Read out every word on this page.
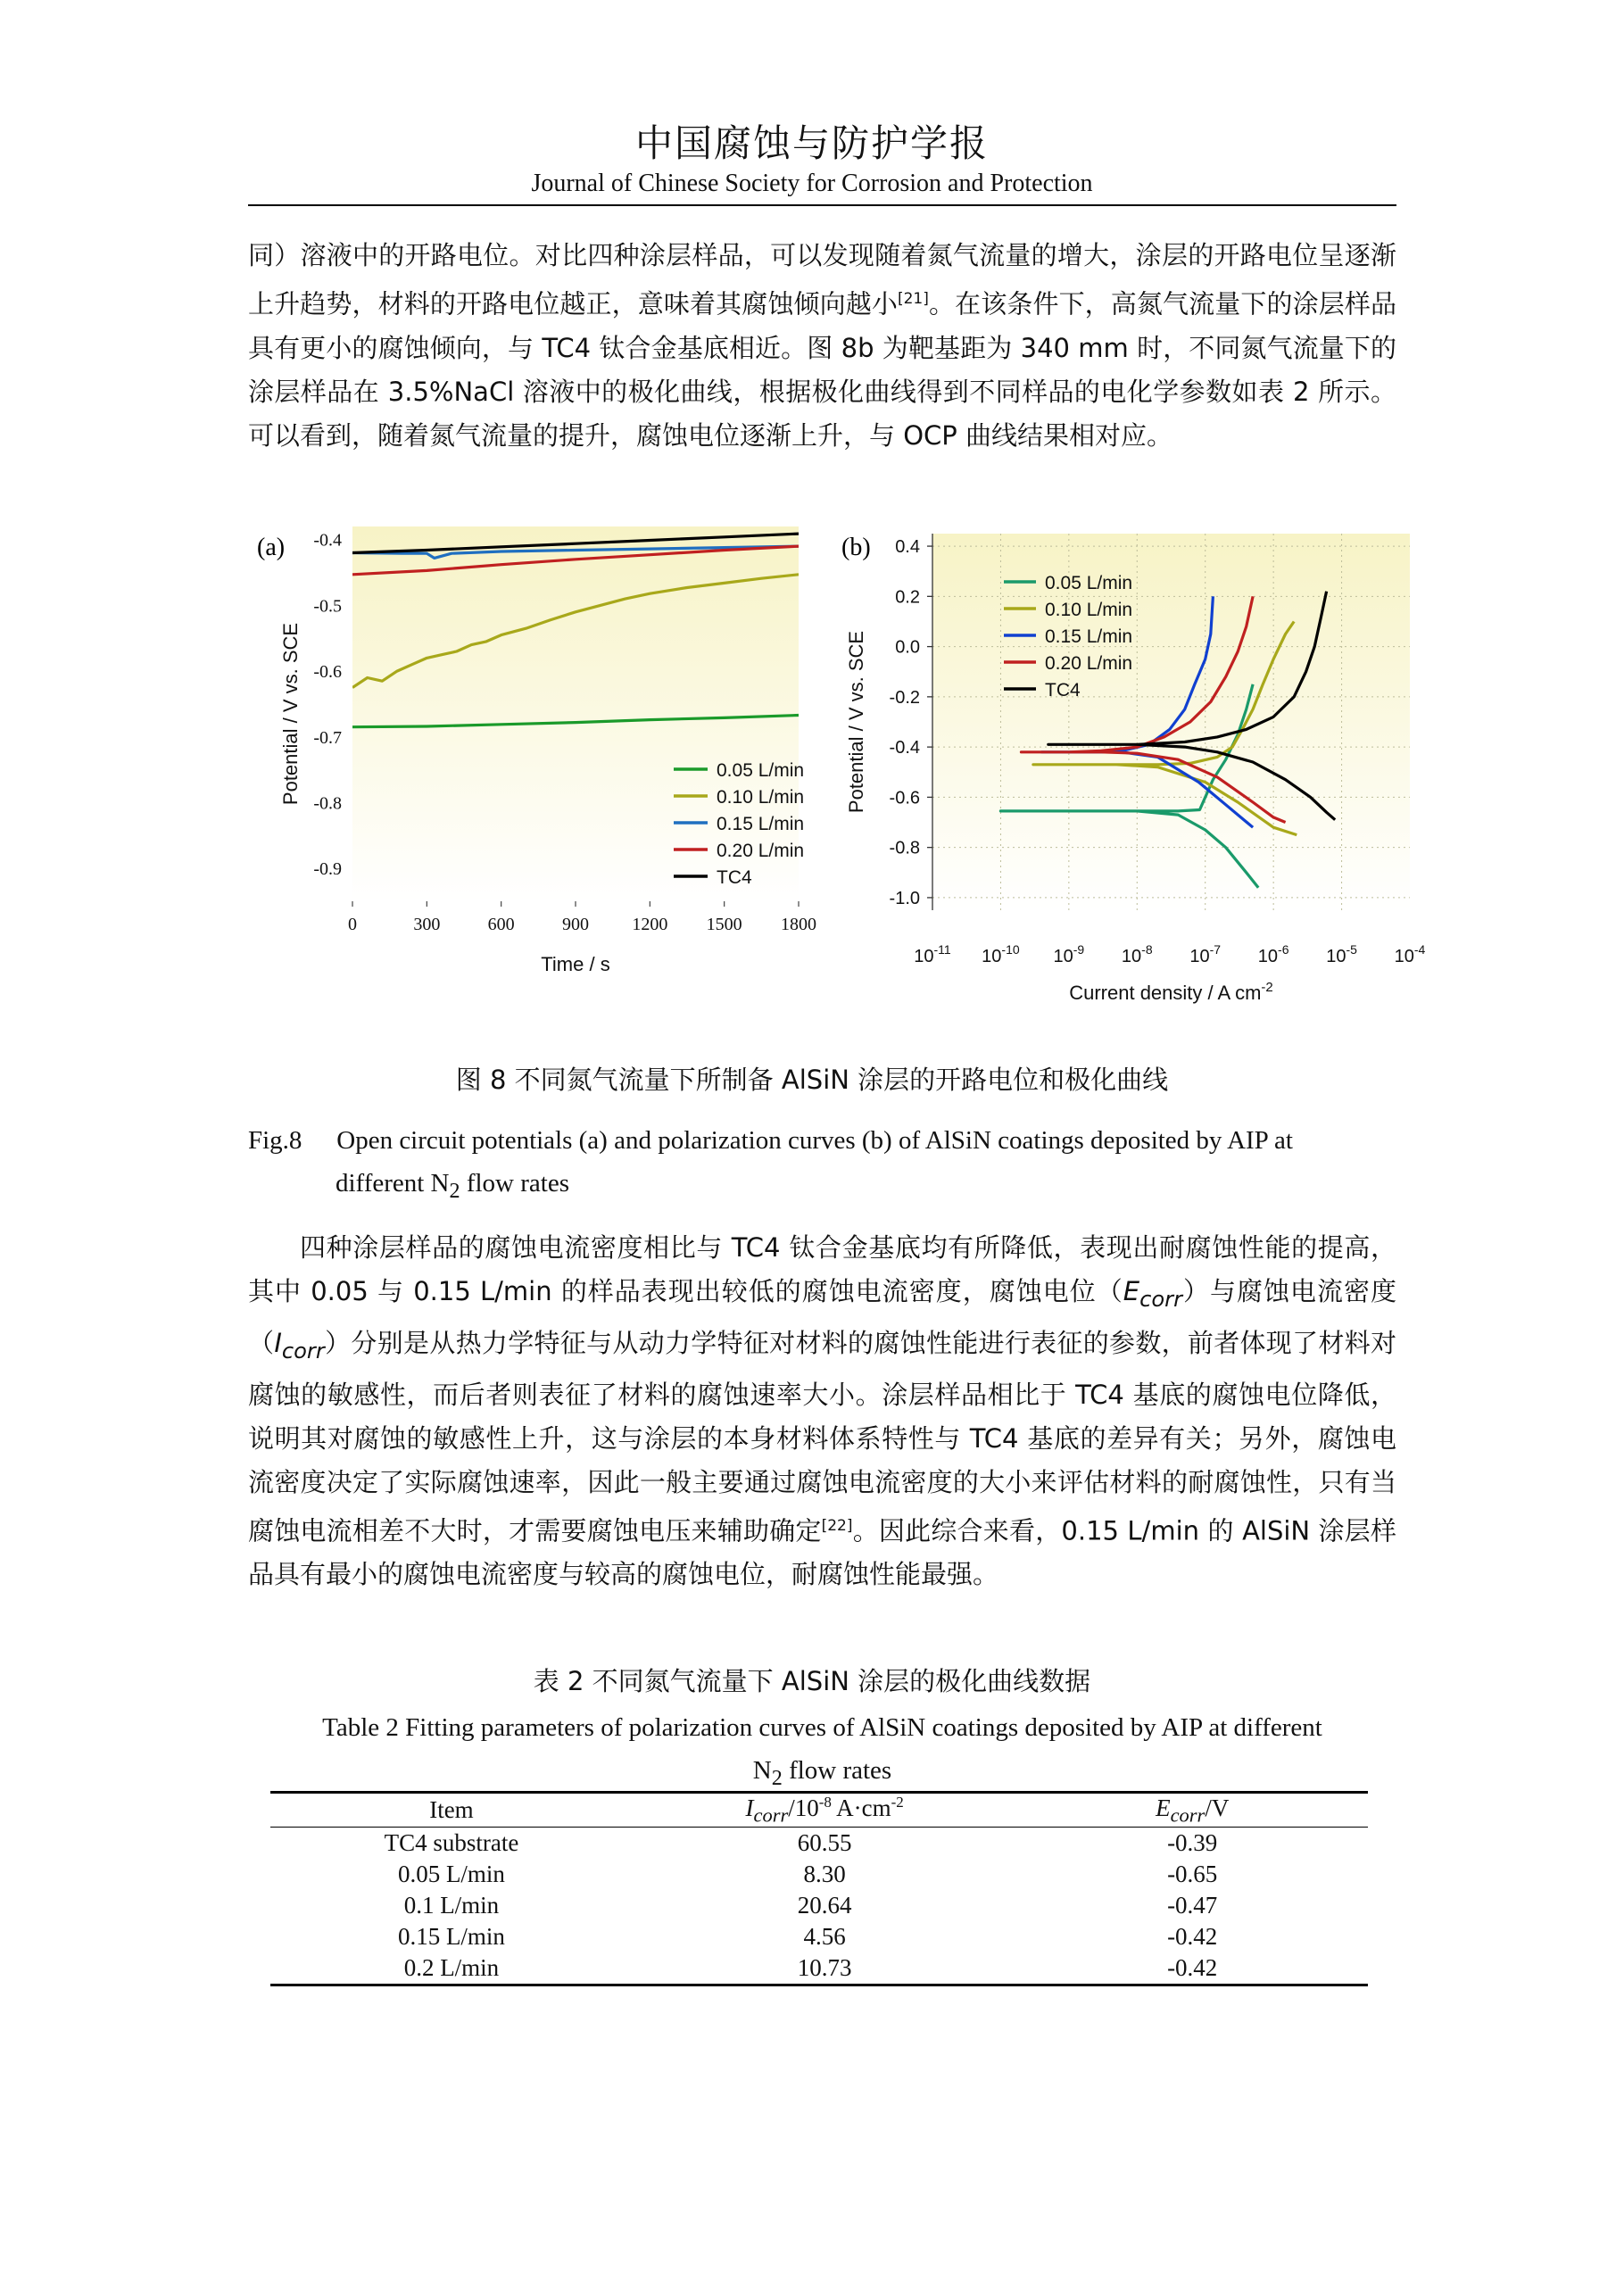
中国腐蚀与防护学报
Journal of Chinese Society for Corrosion and Protection

同）溶液中的开路电位。对比四种涂层样品，可以发现随着氮气流量的增大，涂层的开路电位呈逐渐上升趋势，材料的开路电位越正，意味着其腐蚀倾向越小[21]。在该条件下，高氮气流量下的涂层样品具有更小的腐蚀倾向，与 TC4 钛合金基底相近。图 8b 为靶基距为 340 mm 时，不同氮气流量下的涂层样品在 3.5%NaCl 溶液中的极化曲线，根据极化曲线得到不同样品的电化学参数如表 2 所示。可以看到，随着氮气流量的提升，腐蚀电位逐渐上升，与 OCP 曲线结果相对应。

0	300	600	900 1200 1500 1800
-0.4
-0.5
-0.6
-0.7
-0.8
-0.9
Time / s
Potential / V vs. SCE	0.05 L/min
0.10 L/min
0.15 L/min
0.20 L/min
TC4
(a)	0.4
0.2
0.0
-0.2
-0.4
-0.6
-0.8
-1.0
$10^{-11}$ $10^{-10}$ $10^{-9}$ $10^{-8}$ $10^{-7}$ $10^{-6}$ $10^{-5}$ $10^{-4}$
Current density / A $cm^{-2}$
Potential / V vs. SCE
0.05 L/min
0.10 L/min
0.15 L/min
0.20 L/min
TC4
(b)
图 8 不同氮气流量下所制备 AlSiN 涂层的开路电位和极化曲线
Fig.8 Open circuit potentials (a) and polarization curves (b) of AlSiN coatings deposited by AIP at
different $N_2$ flow rates

四种涂层样品的腐蚀电流密度相比与 TC4 钛合金基底均有所降低，表现出耐腐蚀性能的提高，其中 0.05 与 0.15 L/min 的样品表现出较低的腐蚀电流密度，腐蚀电位$(E_{corr})$与腐蚀电流密度$(I_{corr})$分别是从热力学特征与从动力学特征对材料的腐蚀性能进行表征的参数，前者体现了材料对腐蚀的敏感性，而后者则表征了材料的腐蚀速率大小。涂层样品相比于 TC4 基底的腐蚀电位降低，说明其对腐蚀的敏感性上升，这与涂层的本身材料体系特性与 TC4 基底的差异有关；另外，腐蚀电流密度决定了实际腐蚀速率，因此一般主要通过腐蚀电流密度的大小来评估材料的耐腐蚀性，只有当腐蚀电流相差不大时，才需要腐蚀电压来辅助确定[22]。因此综合来看，0.15 L/min 的 AlSiN 涂层样品具有最小的腐蚀电流密度与较高的腐蚀电位，耐腐蚀性能最强。

表 2 不同氮气流量下 AlSiN 涂层的极化曲线数据
Table 2 Fitting parameters of polarization curves of AlSiN coatings deposited by AIP at different
$N_2$ flow rates
Item	$I_{corr}/10^{-8}$ $A\cdot cm^{-2}$	$E_{corr}/V$
TC4 substrate	60.55	-0.39
0.05 L/min	8.30	-0.65
0.1 L/min	20.64	-0.47
0.15 L/min	4.56	-0.42
0.2 L/min	10.73	-0.42
